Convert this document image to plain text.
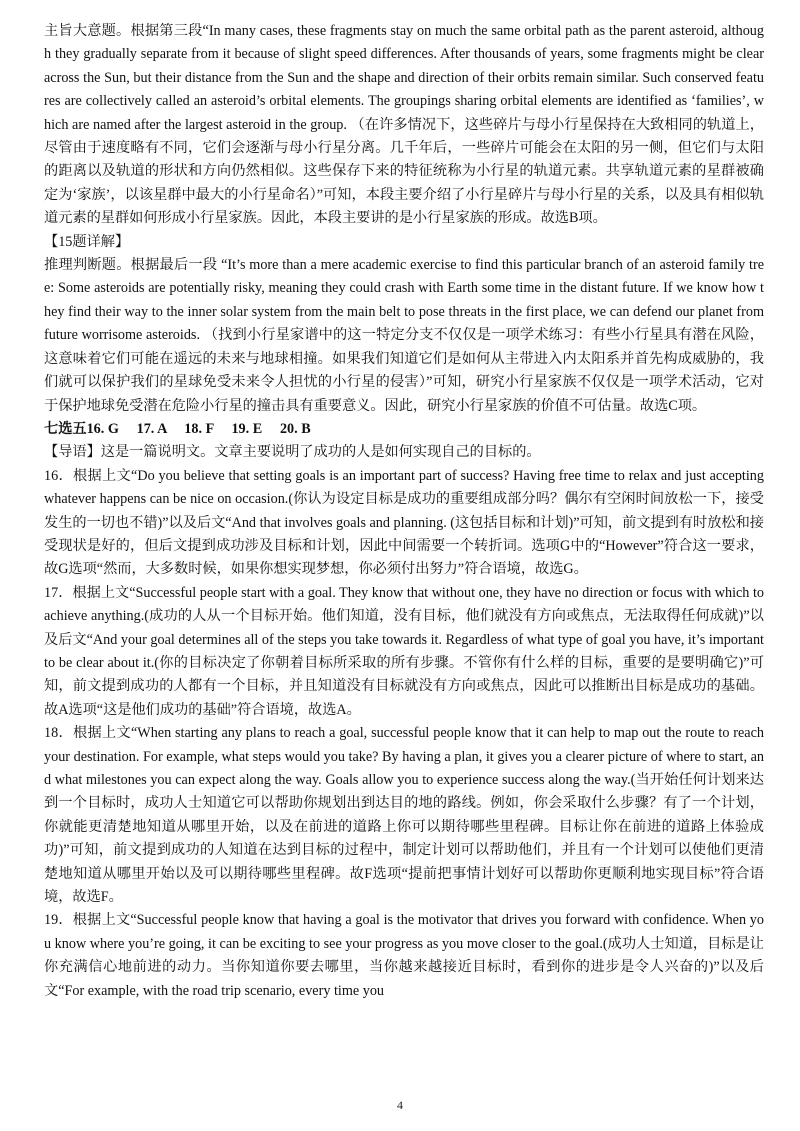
主旨大意题。根据第三段“In many cases, these fragments stay on much the same orbital path as the parent asteroid, although they gradually separate from it because of slight speed differences. After thousands of years, some fragments might be clear across the Sun, but their distance from the Sun and the shape and direction of their orbits remain similar. Such conserved features are collectively called an asteroid’s orbital elements. The groupings sharing orbital elements are identified as ‘families’, which are named after the largest asteroid in the group. （在许多情况下，这些碎片与母小行星保持在大致相同的轨道上，尽管由于速度略有不同，它们会逐渐与母小行星分离。几千年后，一些碎片可能会在太阳的另一侧，但它们与太阳的距离以及轨道的形状和方向仍然相似。这些保存下来的特征统称为小行星的轨道元素。共享轨道元素的星群被确定为‘家族’，以该星群中最大的小行星命名）”可知，本段主要介绍了小行星碎片与母小行星的关系，以及具有相似轨道元素的星群如何形成小行星家族。因此，本段主要讲的是小行星家族的形成。故选B项。

【15题详解】

推理判断题。根据最后一段 “It’s more than a mere academic exercise to find this particular branch of an asteroid family tree: Some asteroids are potentially risky, meaning they could crash with Earth some time in the distant future. If we know how they find their way to the inner solar system from the main belt to pose threats in the first place, we can defend our planet from future worrisome asteroids. （找到小行星家谱中的这一特定分支不仅仅是一项学术练习：有些小行星具有潜在风险，这意味着它们可能在遥远的未来与地球相撞。如果我们知道它们是如何从主带进入内太阳系并首先构成威胁的，我们就可以保护我们的星球免受未来令人担忧的小行星的侵害）”可知，研究小行星家族不仅仅是一项学术活动，它对于保护地球免受潜在危险小行星的撞击具有重要意义。因此，研究小行星家族的价值不可估量。故选C项。

七选五16. G     17. A     18. F     19. E     20. B

【导语】这是一篇说明文。文章主要说明了成功的人是如何实现自己的目标的。

16．根据上文“Do you believe that setting goals is an important part of success? Having free time to relax and just accepting whatever happens can be nice on occasion.(你认为设定目标是成功的重要组成部分吗？偶尔有空闲时间放松一下，接受发生的一切也不错)”以及后文“And that involves goals and planning. (这包括目标和计划)”可知，前文提到有时放松和接受现状是好的，但后文提到成功涉及目标和计划，因此中间需要一个转折词。选项G中的“However”符合这一要求，故G选项“然而，大多数时候，如果你想实现梦想，你必须付出努力”符合语境，故选G。

17．根据上文“Successful people start with a goal. They know that without one, they have no direction or focus with which to achieve anything.(成功的人从一个目标开始。他们知道，没有目标，他们就没有方向或焦点，无法取得任何成就)”以及后文“And your goal determines all of the steps you take towards it. Regardless of what type of goal you have, it’s important to be clear about it.(你的目标决定了你朝着目标所采取的所有步骤。不管你有什么样的目标，重要的是要明确它)”可知，前文提到成功的人都有一个目标，并且知道没有目标就没有方向或焦点，因此可以推断出目标是成功的基础。故A选项“这是他们成功的基础”符合语境，故选A。

18．根据上文“When starting any plans to reach a goal, successful people know that it can help to map out the route to reach your destination. For example, what steps would you take? By having a plan, it gives you a clearer picture of where to start, and what milestones you can expect along the way. Goals allow you to experience success along the way.(当开始任何计划来达到一个目标时，成功人士知道它可以帮助你规划出到达目的地的路线。例如，你会采取什么步骤？有了一个计划，你就能更清楚地知道从哪里开始，以及在前进的道路上你可以期待哪些里程碑。目标让你在前进的道路上体验成功)”可知，前文提到成功的人知道在达到目标的过程中，制定计划可以帮助他们，并且有一个计划可以使他们更清楚地知道从哪里开始以及可以期待哪些里程碑。故F选项“提前把事情计划好可以帮助你更顺利地实现目标”符合语境，故选F。

19．根据上文“Successful people know that having a goal is the motivator that drives you forward with confidence. When you know where you’re going, it can be exciting to see your progress as you move closer to the goal.(成功人士知道，目标是让你充满信心地前进的动力。当你知道你要去哪里，当你越来越接近目标时，看到你的进步是令人兴奋的)”以及后文“For example, with the road trip scenario, every time you

4
